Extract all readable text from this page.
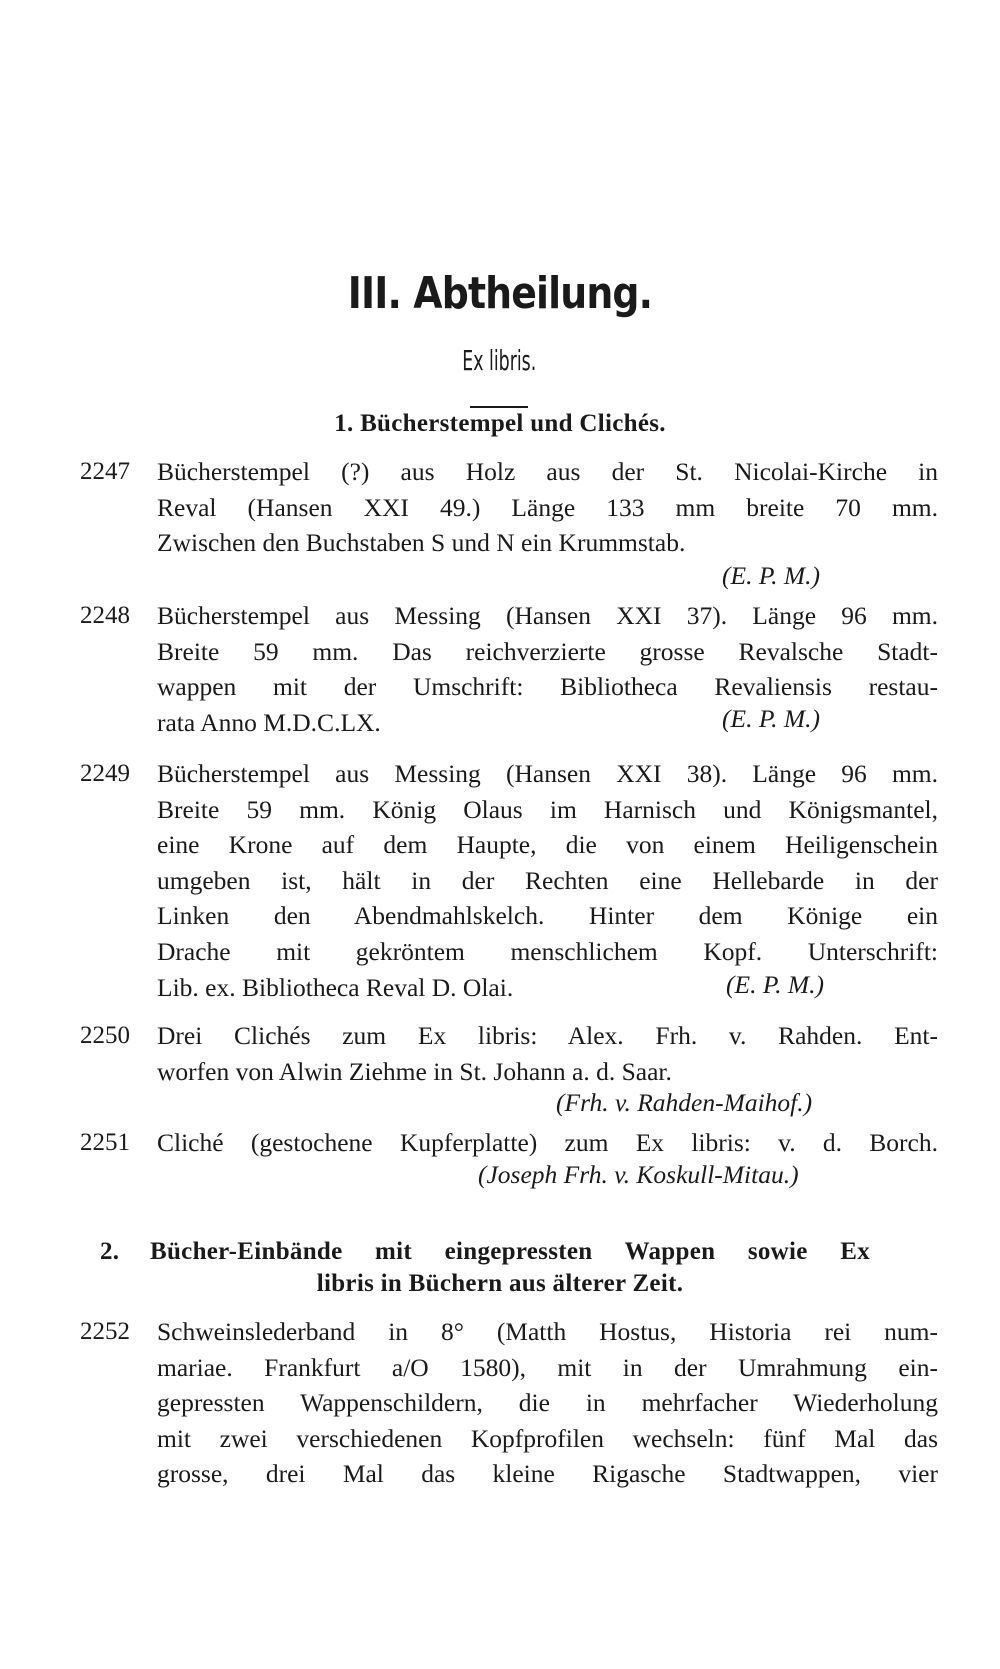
III. Abtheilung.
Ex libris.
1. Bücherstempel und Clichés.
2247	Bücherstempel (?) aus Holz aus der St. Nicolai-Kirche in
Reval (Hansen XXI 49.) Länge 133 mm breite 70 mm.
Zwischen den Buchstaben S und N ein Krummstab.
(E. P. M.)
2248	Bücherstempel aus Messing (Hansen XXI 37). Länge 96 mm.
Breite 59 mm. Das reichverzierte grosse Revalsche Stadt-
wappen mit der Umschrift: Bibliotheca Revaliensis restau-
rata Anno M.D.C.LX.	(E. P. M.)
2249	Bücherstempel aus Messing (Hansen XXI 38). Länge 96 mm.
Breite 59 mm. König Olaus im Harnisch und Königsmantel,
eine Krone auf dem Haupte, die von einem Heiligenschein
umgeben ist, hält in der Rechten eine Hellebarde in der
Linken den Abendmahlskelch. Hinter dem Könige ein
Drache mit gekröntem menschlichem Kopf. Unterschrift:
Lib. ex. Bibliotheca Reval D. Olai.	(E. P. M.)
2250	Drei Clichés zum Ex libris: Alex. Frh. v. Rahden. Ent-
worfen von Alwin Ziehme in St. Johann a. d. Saar.
(Frh. v. Rahden-Maihof.)
2251	Cliché (gestochene Kupferplatte) zum Ex libris: v. d. Borch.
(Joseph Frh. v. Koskull-Mitau.)
2. Bücher-Einbände mit eingepressten Wappen sowie Ex
libris in Büchern aus älterer Zeit.
2252	Schweinslederband in 8° (Matth Hostus, Historia rei num-
mariae. Frankfurt a/O 1580), mit in der Umrahmung ein-
gepressten Wappenschildern, die in mehrfacher Wiederholung
mit zwei verschiedenen Kopfprofilen wechseln: fünf Mal das
grosse, drei Mal das kleine Rigasche Stadtwappen, vier
